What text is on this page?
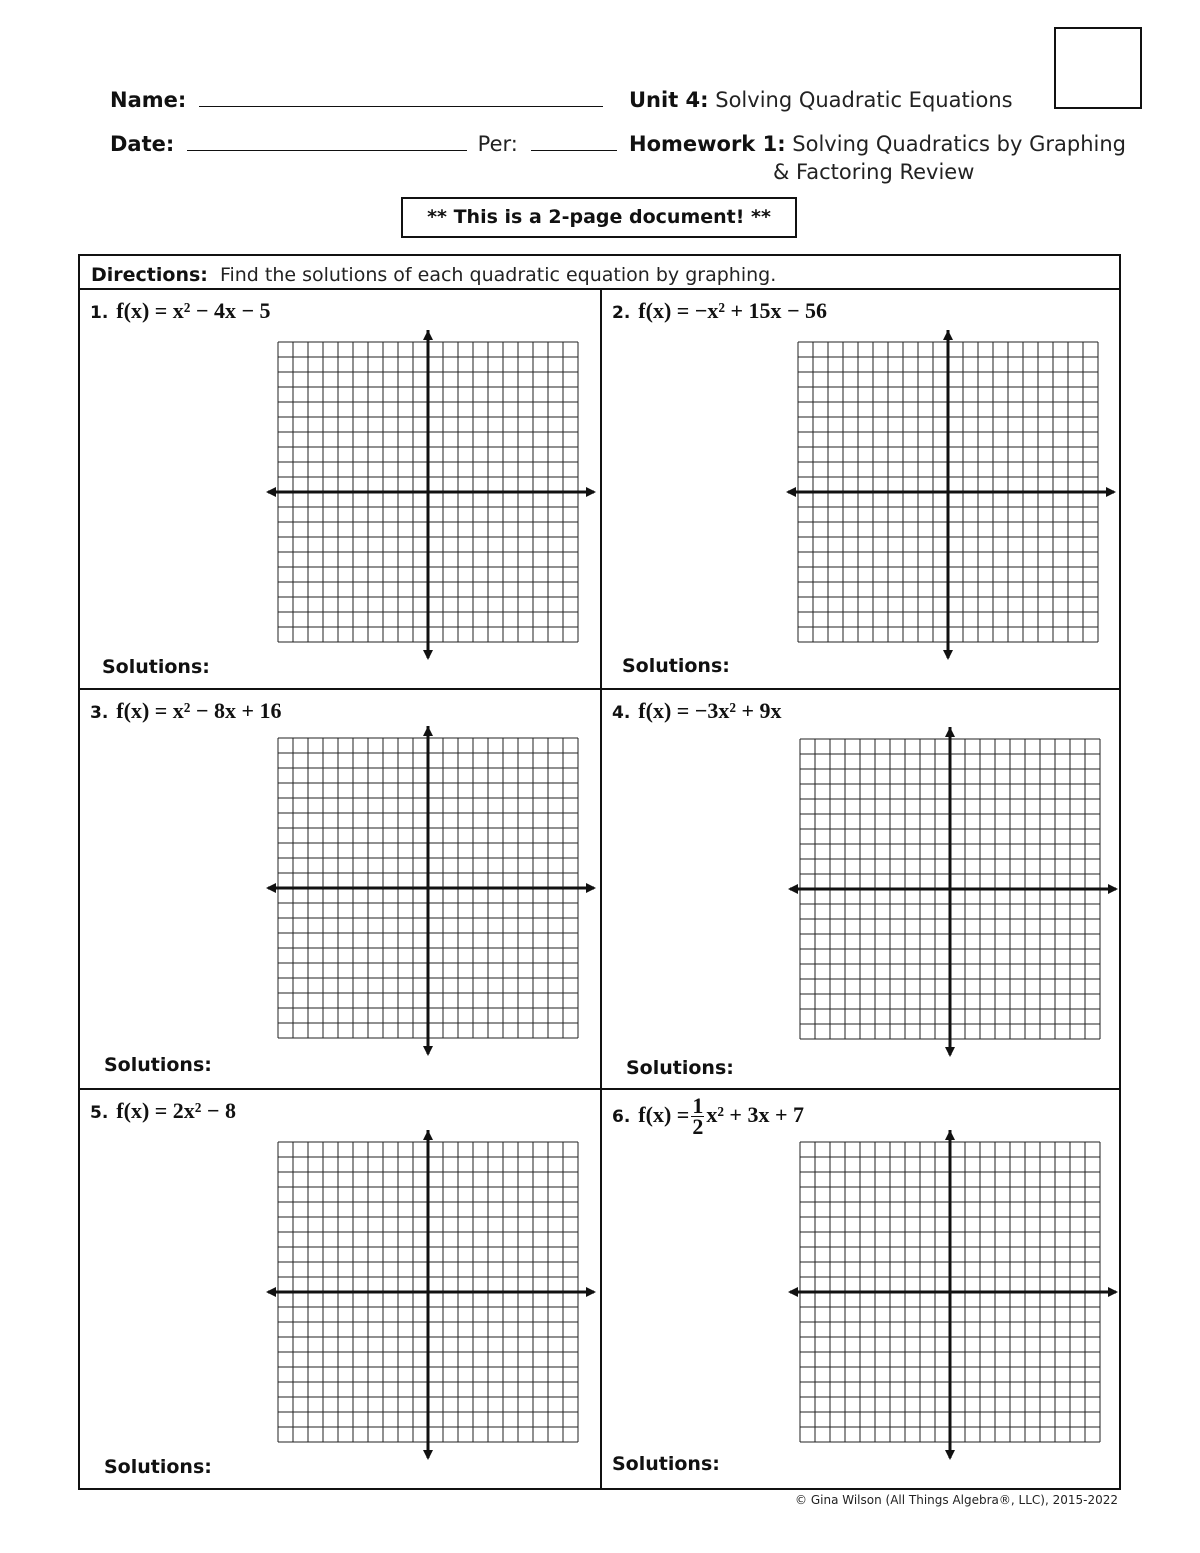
Name:
Date:	Per:
Unit 4: Solving Quadratic Equations
Homework 1: Solving Quadratics by Graphing
& Factoring Review
** This is a 2-page document! **
Directions: Find the solutions of each quadratic equation by graphing.
1. f(x) = x² − 4x − 5
Solutions:
2. f(x) = −x² + 15x − 56
Solutions:
3. f(x) = x² − 8x + 16
Solutions:
4. f(x) = −3x² + 9x
Solutions:
5. f(x) = 2x² − 8
Solutions:
6. $f(x) = \frac{1}{2} x^2 + 3x + 7$
Solutions:
© Gina Wilson (All Things Algebra®, LLC), 2015-2022
